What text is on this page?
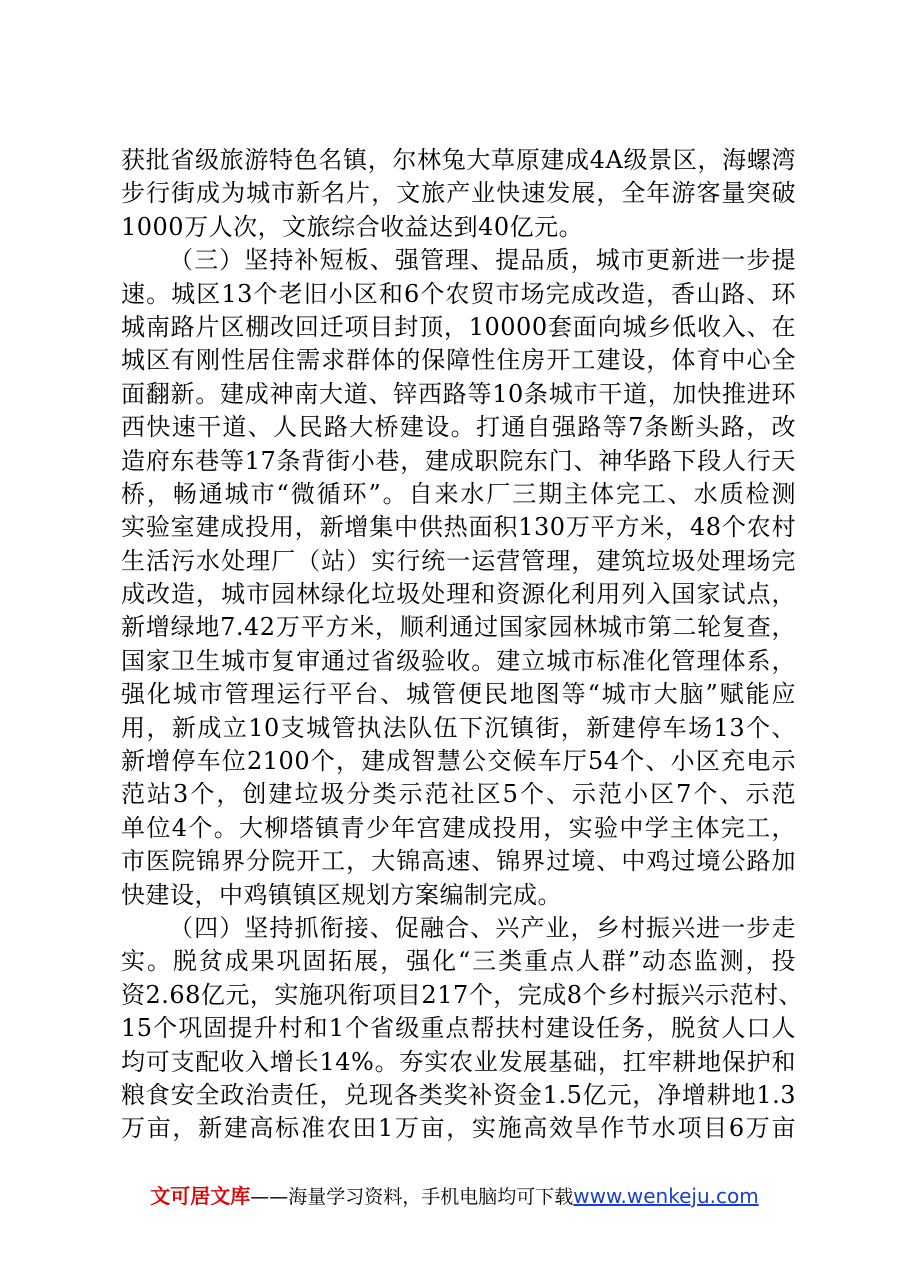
获批省级旅游特色名镇，尔林兔大草原建成4A级景区，海螺湾
步行街成为城市新名片，文旅产业快速发展，全年游客量突破
1000万人次，文旅综合收益达到40亿元。
（三）坚持补短板、强管理、提品质，城市更新进一步提
速。城区13个老旧小区和6个农贸市场完成改造，香山路、环
城南路片区棚改回迁项目封顶，10000套面向城乡低收入、在
城区有刚性居住需求群体的保障性住房开工建设，体育中心全
面翻新。建成神南大道、锌西路等10条城市干道，加快推进环
西快速干道、人民路大桥建设。打通自强路等7条断头路，改
造府东巷等17条背街小巷，建成职院东门、神华路下段人行天
桥，畅通城市“微循环”。自来水厂三期主体完工、水质检测
实验室建成投用，新增集中供热面积130万平方米，48个农村
生活污水处理厂（站）实行统一运营管理，建筑垃圾处理场完
成改造，城市园林绿化垃圾处理和资源化利用列入国家试点，
新增绿地7.42万平方米，顺利通过国家园林城市第二轮复查，
国家卫生城市复审通过省级验收。建立城市标准化管理体系，
强化城市管理运行平台、城管便民地图等“城市大脑”赋能应
用，新成立10支城管执法队伍下沉镇街，新建停车场13个、
新增停车位2100个，建成智慧公交候车厅54个、小区充电示
范站3个，创建垃圾分类示范社区5个、示范小区7个、示范
单位4个。大柳塔镇青少年宫建成投用，实验中学主体完工，
市医院锦界分院开工，大锦高速、锦界过境、中鸡过境公路加
快建设，中鸡镇镇区规划方案编制完成。
（四）坚持抓衔接、促融合、兴产业，乡村振兴进一步走
实。脱贫成果巩固拓展，强化“三类重点人群”动态监测，投
资2.68亿元，实施巩衔项目217个，完成8个乡村振兴示范村、
15个巩固提升村和1个省级重点帮扶村建设任务，脱贫人口人
均可支配收入增长14%。夯实农业发展基础，扛牢耕地保护和
粮食安全政治责任，兑现各类奖补资金1.5亿元，净增耕地1.3
万亩，新建高标准农田1万亩，实施高效旱作节水项目6万亩
文可居文库——海量学习资料，手机电脑均可下载www.wenkeju.com
